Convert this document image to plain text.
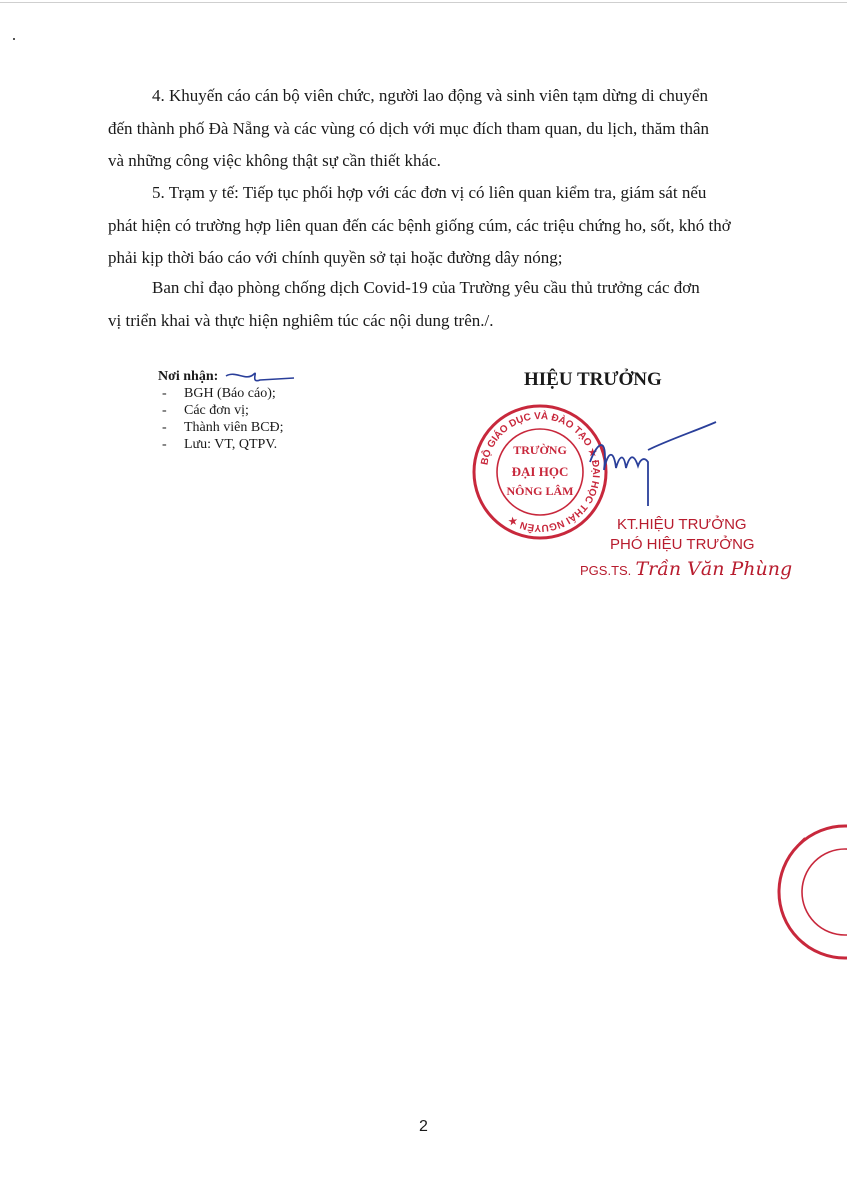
4. Khuyến cáo cán bộ viên chức, người lao động và sinh viên tạm dừng di chuyển
đến thành phố Đà Nẵng và các vùng có dịch với mục đích tham quan, du lịch, thăm thân
và những công việc không thật sự cần thiết khác.
5. Trạm y tế: Tiếp tục phối hợp với các đơn vị có liên quan kiểm tra, giám sát nếu
phát hiện có trường hợp liên quan đến các bệnh giống cúm, các triệu chứng ho, sốt, khó thở
phải kịp thời báo cáo với chính quyền sở tại hoặc đường dây nóng;
Ban chỉ đạo phòng chống dịch Covid-19 của Trường yêu cầu thủ trưởng các đơn
vị triển khai và thực hiện nghiêm túc các nội dung trên./.
Nơi nhận:
- BGH (Báo cáo);
- Các đơn vị;
- Thành viên BCĐ;
- Lưu: VT, QTPV.
HIỆU TRƯỞNG
BỘ GIÁO DỤC VÀ ĐÀO TẠO ★ ĐẠI HỌC THÁI NGUYÊN ★
TRƯỜNG
ĐẠI HỌC
NÔNG LÂM
KT.HIỆU TRƯỞNG
PHÓ HIỆU TRƯỞNG
PGS.TS. Trần Văn Phùng
2
